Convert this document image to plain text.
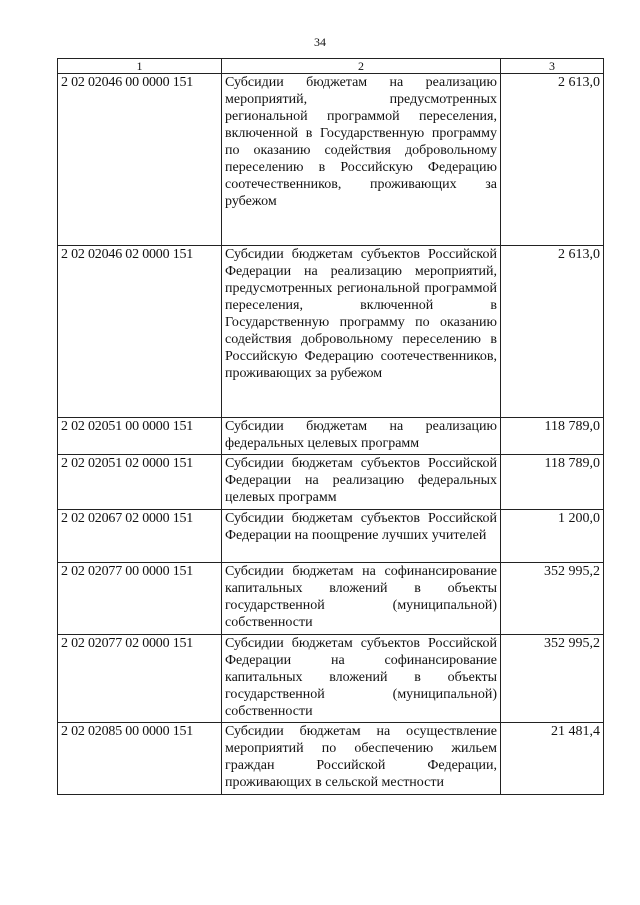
34
1	2	3
2 02 02046 00 0000 151	Субсидии бюджетам на реализацию мероприятий, предусмотренных региональной программой переселения, включенной в Государственную программу по оказанию содействия добровольному переселению в Российскую Федерацию соотечественников, проживающих за рубежом	2 613,0
2 02 02046 02 0000 151	Субсидии бюджетам субъектов Российской Федерации на реализацию мероприятий, предусмотренных региональной программой переселения, включенной в Государственную программу по оказанию содействия добровольному переселению в Российскую Федерацию соотечественников, проживающих за рубежом	2 613,0
2 02 02051 00 0000 151	Субсидии бюджетам на реализацию федеральных целевых программ	118 789,0
2 02 02051 02 0000 151	Субсидии бюджетам субъектов Российской Федерации на реализацию федеральных целевых программ	118 789,0
2 02 02067 02 0000 151	Субсидии бюджетам субъектов Российской Федерации на поощрение лучших учителей	1 200,0
2 02 02077 00 0000 151	Субсидии бюджетам на софинансирование капитальных вложений в объекты государственной (муниципальной) собственности	352 995,2
2 02 02077 02 0000 151	Субсидии бюджетам субъектов Российской Федерации на софинансирование капитальных вложений в объекты государственной (муниципальной) собственности	352 995,2
2 02 02085 00 0000 151	Субсидии бюджетам на осуществление мероприятий по обеспечению жильем граждан Российской Федерации, проживающих в сельской местности	21 481,4
